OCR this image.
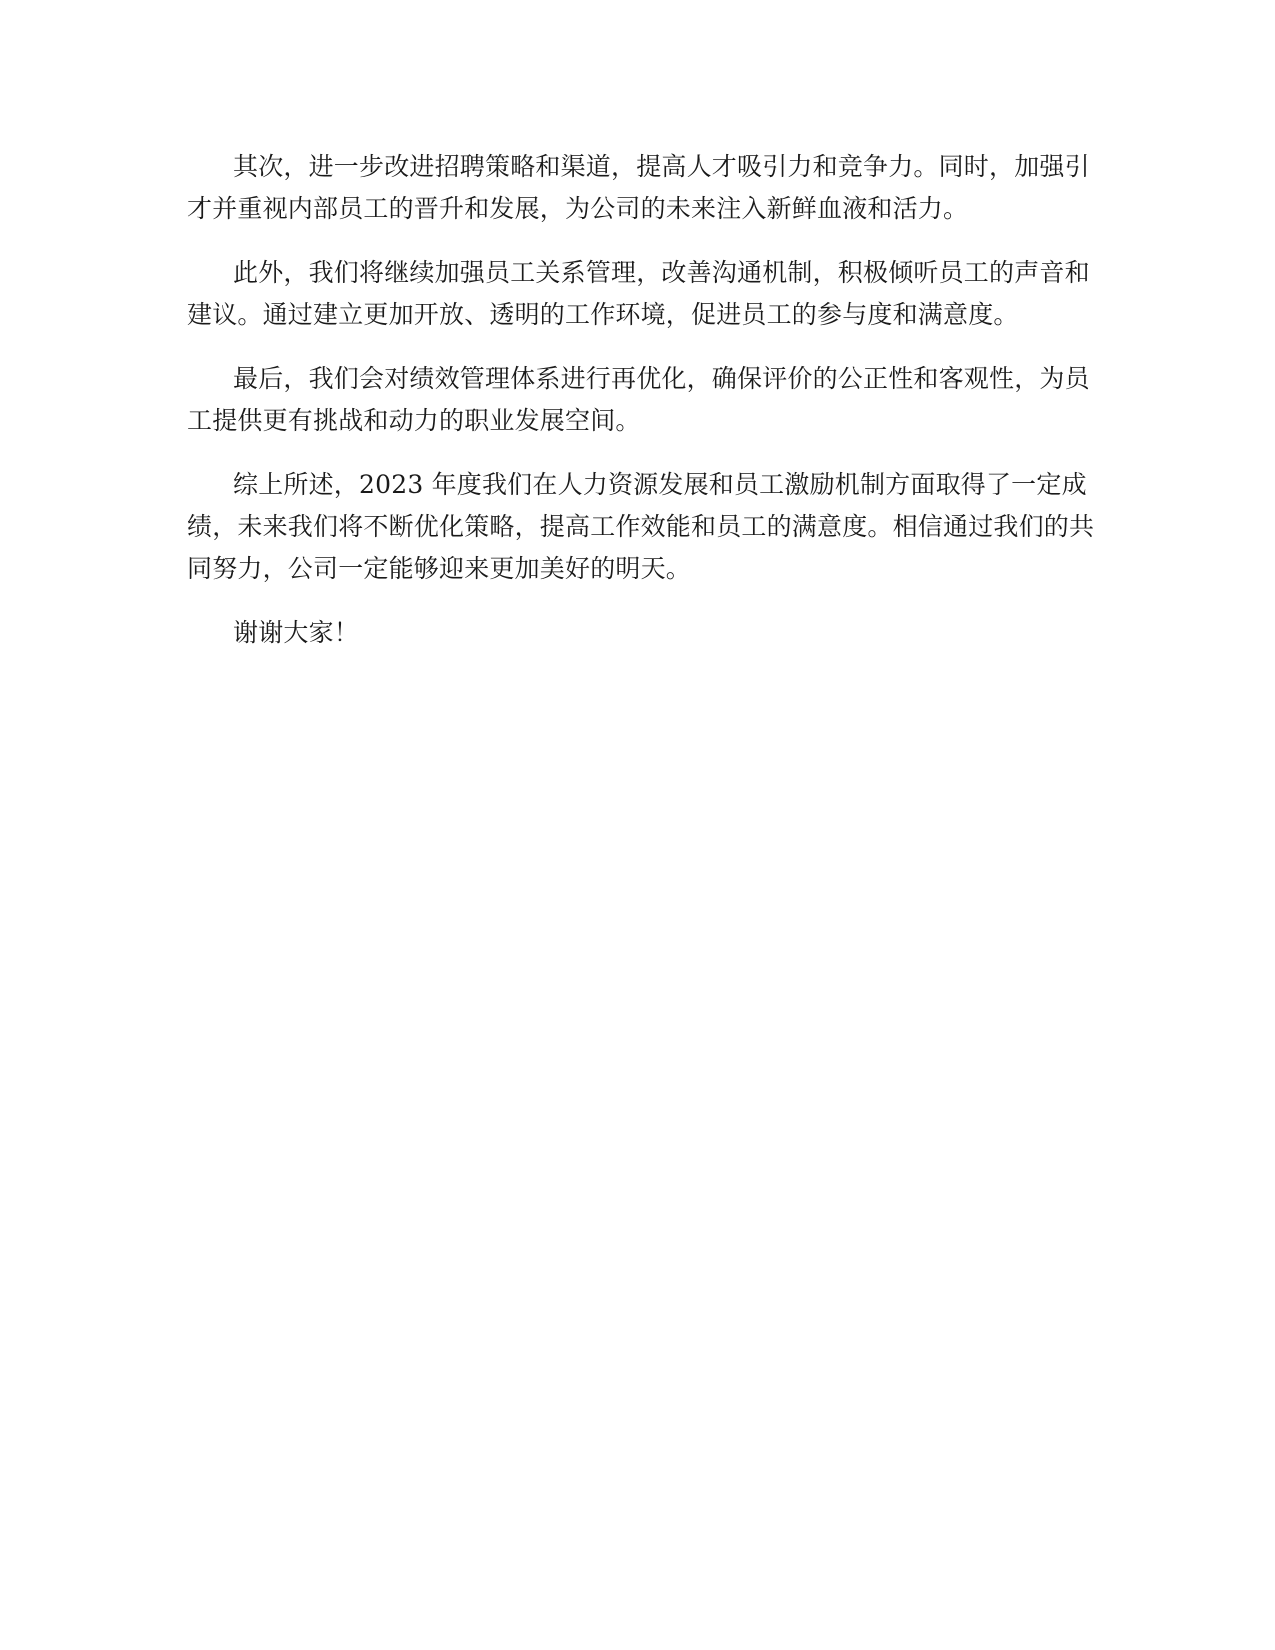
其次，进一步改进招聘策略和渠道，提高人才吸引力和竞争力。同时，加强引
才并重视内部员工的晋升和发展，为公司的未来注入新鲜血液和活力。

此外，我们将继续加强员工关系管理，改善沟通机制，积极倾听员工的声音和
建议。通过建立更加开放、透明的工作环境，促进员工的参与度和满意度。

最后，我们会对绩效管理体系进行再优化，确保评价的公正性和客观性，为员
工提供更有挑战和动力的职业发展空间。

综上所述，2023 年度我们在人力资源发展和员工激励机制方面取得了一定成
绩，未来我们将不断优化策略，提高工作效能和员工的满意度。相信通过我们的共
同努力，公司一定能够迎来更加美好的明天。

谢谢大家！
